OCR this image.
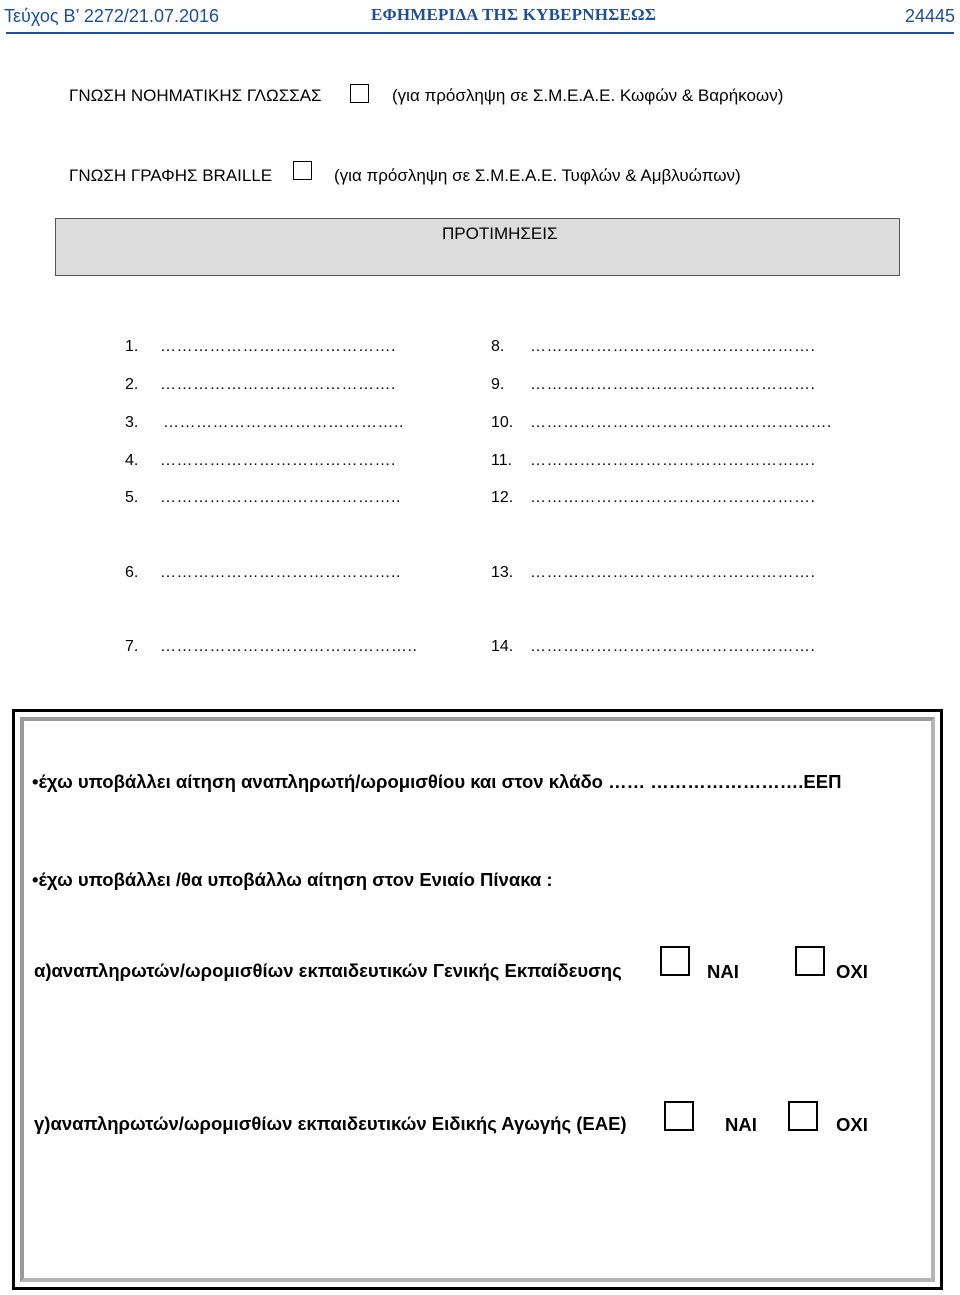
Τεύχος Β’ 2272/21.07.2016	ΕΦΗΜΕΡΙΔΑ ΤΗΣ ΚΥΒΕΡΝΗΣΕΩΣ	24445
ΓΝΩΣΗ ΝΟΗΜΑΤΙΚΗΣ ΓΛΩΣΣΑΣ	(για πρόσληψη σε Σ.Μ.Ε.Α.Ε. Κωφών & Βαρήκοων)
ΓΝΩΣΗ ΓΡΑΦΗΣ BRAILLE	(για πρόσληψη σε Σ.Μ.Ε.Α.Ε. Τυφλών & Αμβλυώπων)
ΠΡΟΤΙΜΗΣΕΙΣ
1. …………………………………….
2. …………………………………….
3. ……………………………………..
4. …………………………………….
5. ……………………………………..
6. ……………………………………..
7. ………………………………………..
8. …………………………………………….
9. …………………………………………….
10. ……………………………………………….
11. …………………………………………….
12. …………………………………………….
13. …………………………………………….
14. …………………………………………….
•έχω υποβάλλει αίτηση αναπληρωτή/ωρομισθίου και στον κλάδο …… …………………….ΕΕΠ
•έχω υποβάλλει /θα υποβάλλω αίτηση στον Ενιαίο Πίνακα :
α)αναπληρωτών/ωρομισθίων εκπαιδευτικών Γενικής Εκπαίδευσης	ΝΑΙ	ΟΧΙ
γ)αναπληρωτών/ωρομισθίων εκπαιδευτικών Ειδικής Αγωγής (ΕΑΕ)	ΝΑΙ	ΟΧΙ
